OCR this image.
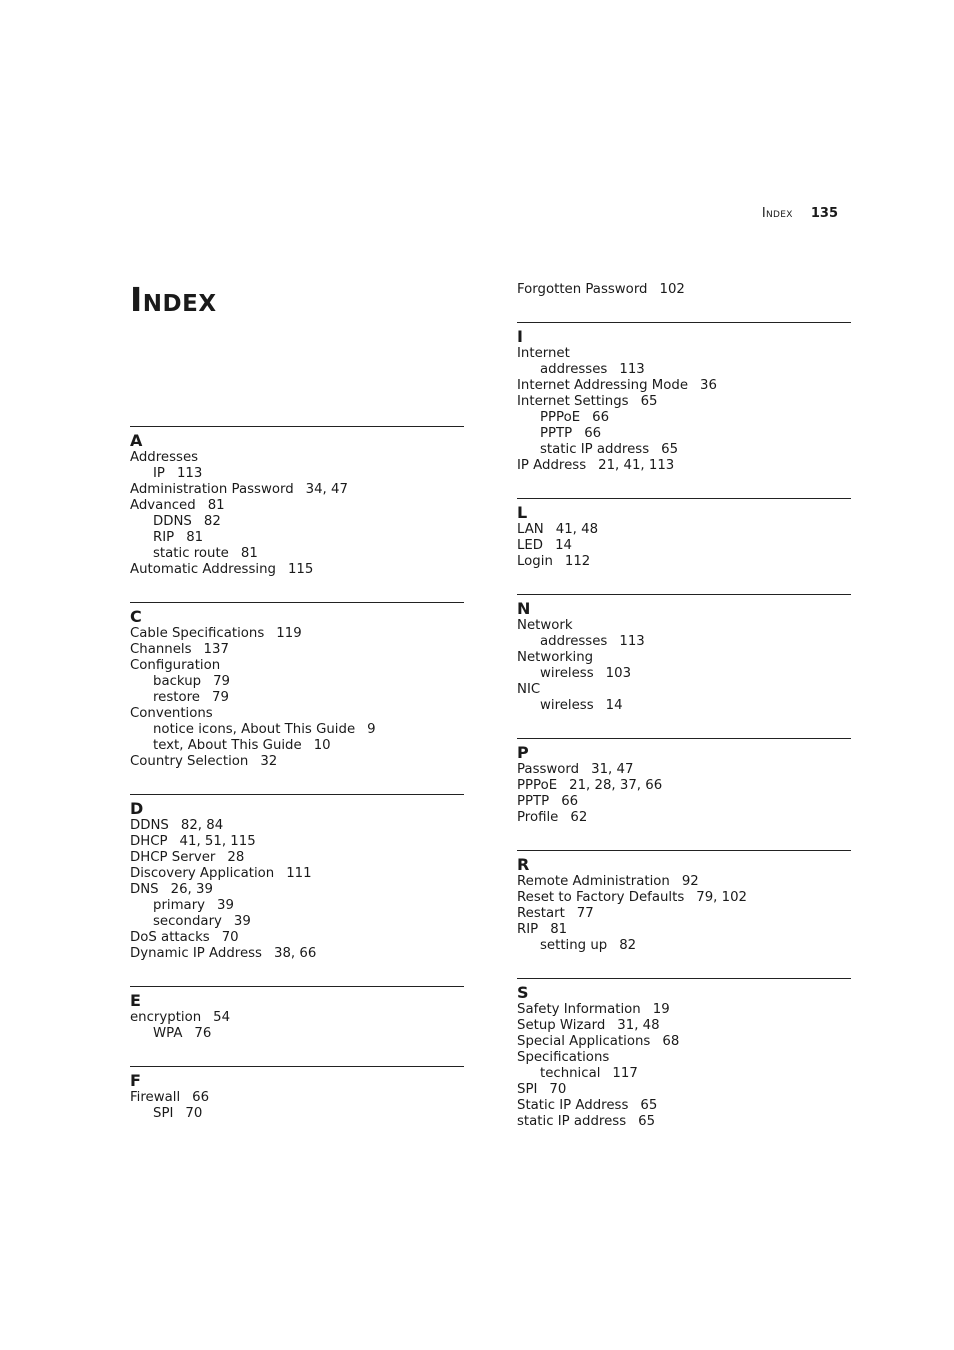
Index 135
Index
A
Addresses
IP 113
Administration Password 34, 47
Advanced 81
DDNS 82
RIP 81
static route 81
Automatic Addressing 115
C
Cable Specifications 119
Channels 137
Configuration
backup 79
restore 79
Conventions
notice icons, About This Guide 9
text, About This Guide 10
Country Selection 32
D
DDNS 82, 84
DHCP 41, 51, 115
DHCP Server 28
Discovery Application 111
DNS 26, 39
primary 39
secondary 39
DoS attacks 70
Dynamic IP Address 38, 66
E
encryption 54
WPA 76
F
Firewall 66
SPI 70
Forgotten Password 102
I
Internet
addresses 113
Internet Addressing Mode 36
Internet Settings 65
PPPoE 66
PPTP 66
static IP address 65
IP Address 21, 41, 113
L
LAN 41, 48
LED 14
Login 112
N
Network
addresses 113
Networking
wireless 103
NIC
wireless 14
P
Password 31, 47
PPPoE 21, 28, 37, 66
PPTP 66
Profile 62
R
Remote Administration 92
Reset to Factory Defaults 79, 102
Restart 77
RIP 81
setting up 82
S
Safety Information 19
Setup Wizard 31, 48
Special Applications 68
Specifications
technical 117
SPI 70
Static IP Address 65
static IP address 65
